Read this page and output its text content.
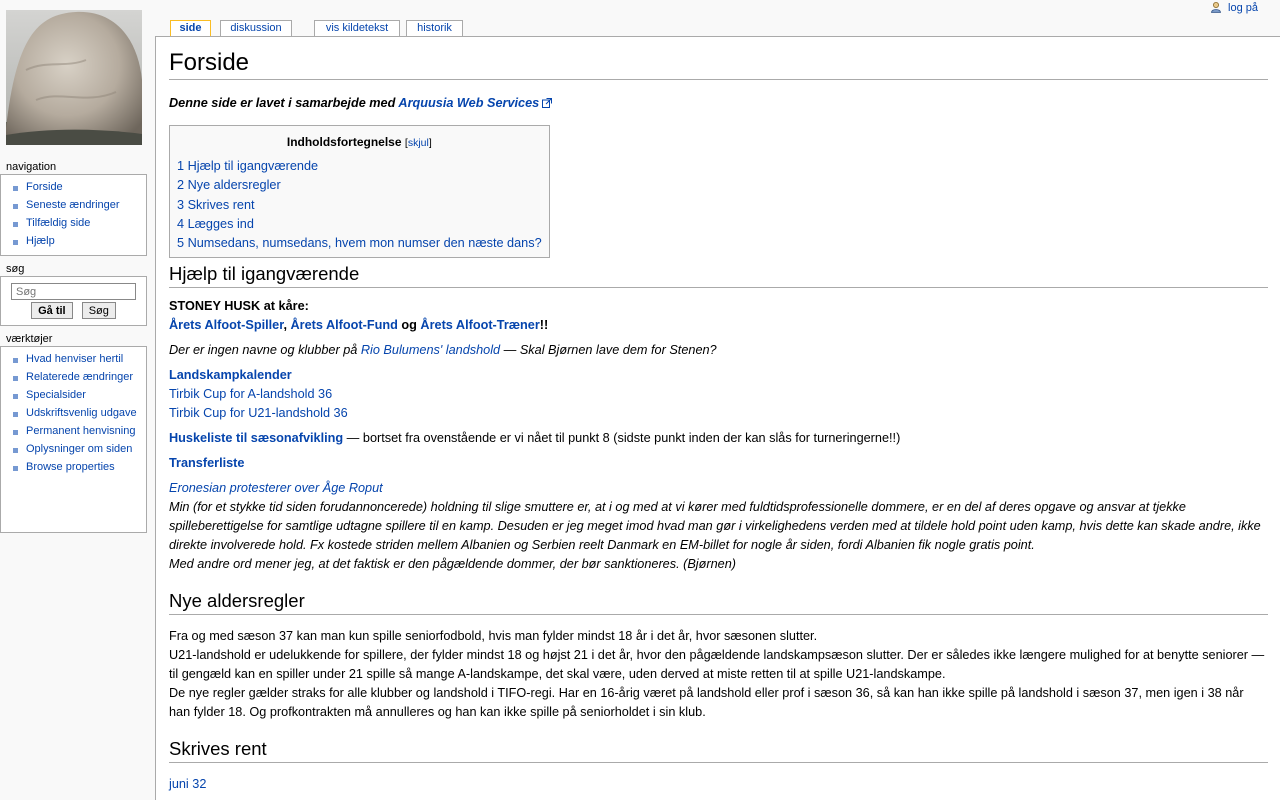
log på
side	diskussion	vis kildetekst	historik
navigation
Forside
Seneste ændringer
Tilfældig side
Hjælp
søg
Søg
Gå til Søg
værktøjer
Hvad henviser hertil
Relaterede ændringer
Specialsider
Udskriftsvenlig udgave
Permanent henvisning
Oplysninger om siden
Browse properties
Forside

Denne side er lavet i samarbejde med Arquusia Web Services

Indholdsfortegnelse [skjul]
1 Hjælp til igangværende
2 Nye aldersregler
3 Skrives rent
4 Lægges ind
5 Numsedans, numsedans, hvem mon numser den næste dans?
Hjælp til igangværende

STONEY HUSK at kåre:
Årets Alfoot-Spiller, Årets Alfoot-Fund og Årets Alfoot-Træner!!

Der er ingen navne og klubber på Rio Bulumens' landshold — Skal Bjørnen lave dem for Stenen?

Landskampkalender
Tirbik Cup for A-landshold 36
Tirbik Cup for U21-landshold 36

Huskeliste til sæsonafvikling — bortset fra ovenstående er vi nået til punkt 8 (sidste punkt inden der kan slås for turneringerne!!)

Transferliste

Eronesian protesterer over Åge Roput
Min (for et stykke tid siden forudannoncerede) holdning til slige smuttere er, at i og med at vi kører med fuldtidsprofessionelle dommere, er en del af deres opgave og ansvar at tjekke spilleberettigelse for samtlige udtagne spillere til en kamp. Desuden er jeg meget imod hvad man gør i virkelighedens verden med at tildele hold point uden kamp, hvis dette kan skade andre, ikke direkte involverede hold. Fx kostede striden mellem Albanien og Serbien reelt Danmark en EM-billet for nogle år siden, fordi Albanien fik nogle gratis point.
Med andre ord mener jeg, at det faktisk er den pågældende dommer, der bør sanktioneres. (Bjørnen)

Nye aldersregler

Fra og med sæson 37 kan man kun spille seniorfodbold, hvis man fylder mindst 18 år i det år, hvor sæsonen slutter.
U21-landshold er udelukkende for spillere, der fylder mindst 18 og højst 21 i det år, hvor den pågældende landskampsæson slutter. Der er således ikke længere mulighed for at benytte seniorer — til gengæld kan en spiller under 21 spille så mange A-landskampe, det skal være, uden derved at miste retten til at spille U21-landskampe.
De nye regler gælder straks for alle klubber og landshold i TIFO-regi. Har en 16-årig været på landshold eller prof i sæson 36, så kan han ikke spille på landshold i sæson 37, men igen i 38 når han fylder 18. Og profkontrakten må annulleres og han kan ikke spille på seniorholdet i sin klub.

Skrives rent

juni 32
